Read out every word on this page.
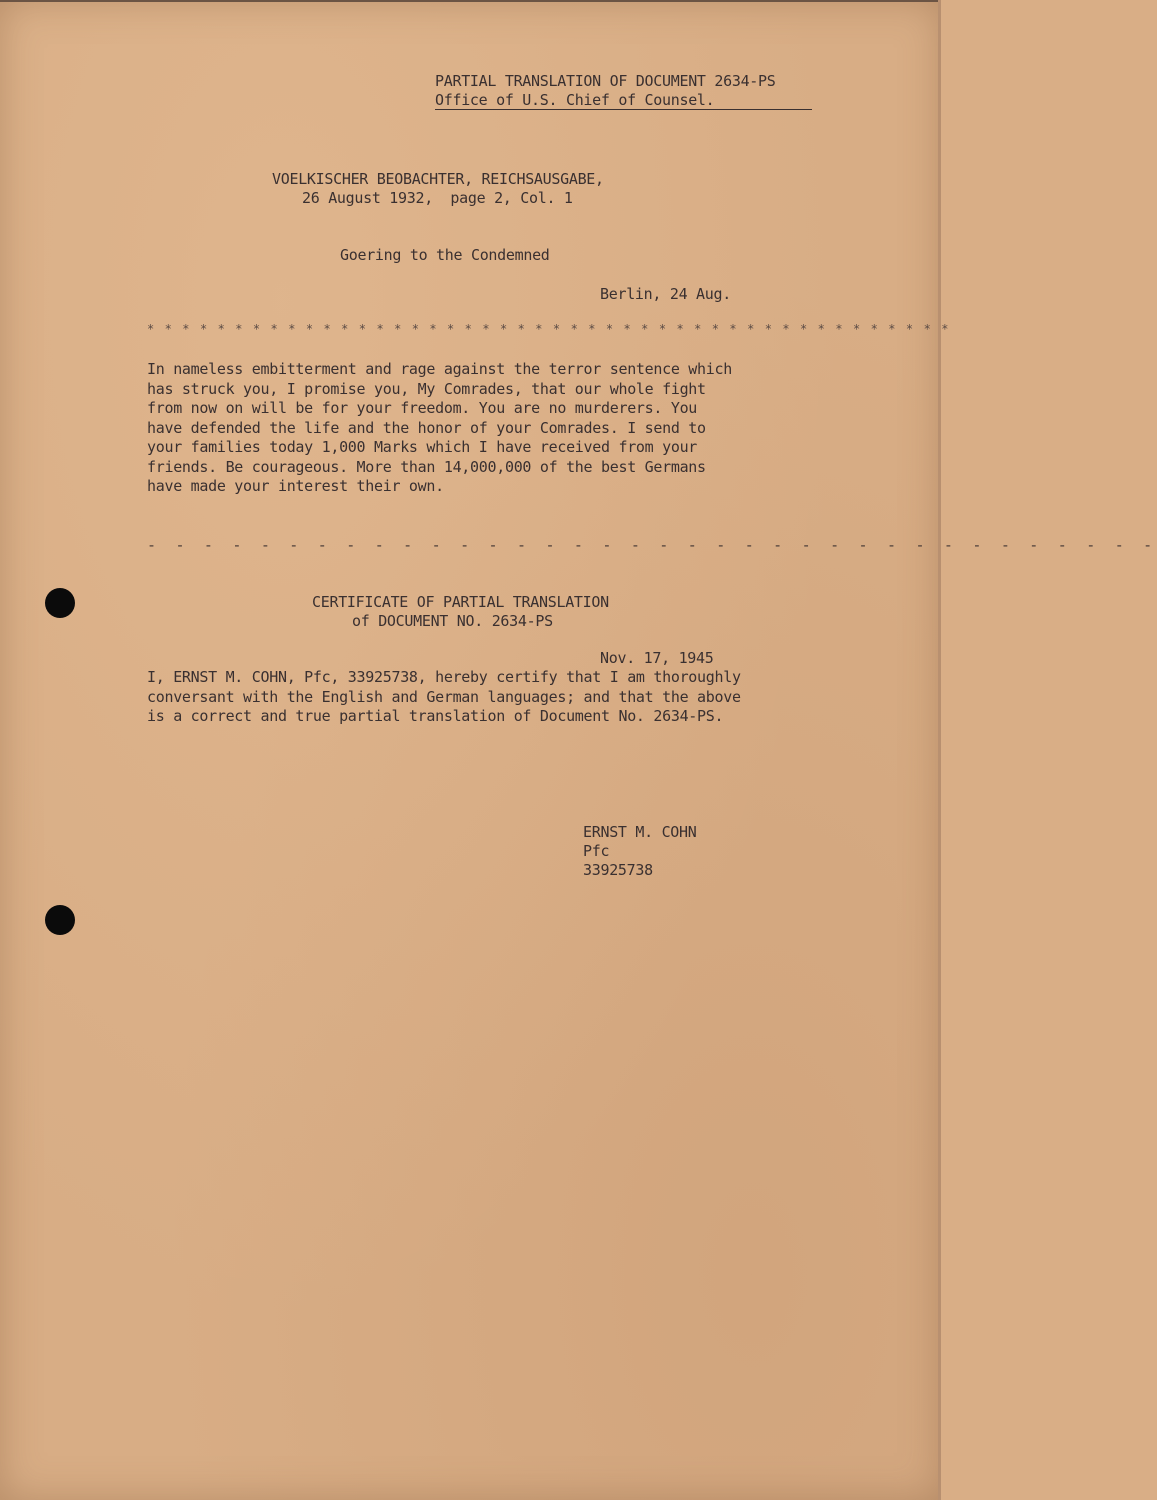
PARTIAL TRANSLATION OF DOCUMENT 2634-PS
Office of U.S. Chief of Counsel.
VOELKISCHER BEOBACHTER, REICHSAUSGABE,
26 August 1932,  page 2, Col. 1
Goering to the Condemned
Berlin, 24 Aug.
* * * * * * * * * * * * * * * * * * * * * * * * * * * * * * * * * * * * * * * * * * * * * *
In nameless embitterment and rage against the terror sentence which
has struck you, I promise you, My Comrades, that our whole fight
from now on will be for your freedom. You are no murderers. You
have defended the life and the honor of your Comrades. I send to
your families today 1,000 Marks which I have received from your
friends. Be courageous. More than 14,000,000 of the best Germans
have made your interest their own.
- - - - - - - - - - - - - - - - - - - - - - - - - - - - - - - - - - - -
CERTIFICATE OF PARTIAL TRANSLATION
of DOCUMENT NO. 2634-PS
Nov. 17, 1945
I, ERNST M. COHN, Pfc, 33925738, hereby certify that I am thoroughly
conversant with the English and German languages; and that the above
is a correct and true partial translation of Document No. 2634-PS.
ERNST M. COHN
Pfc
33925738
